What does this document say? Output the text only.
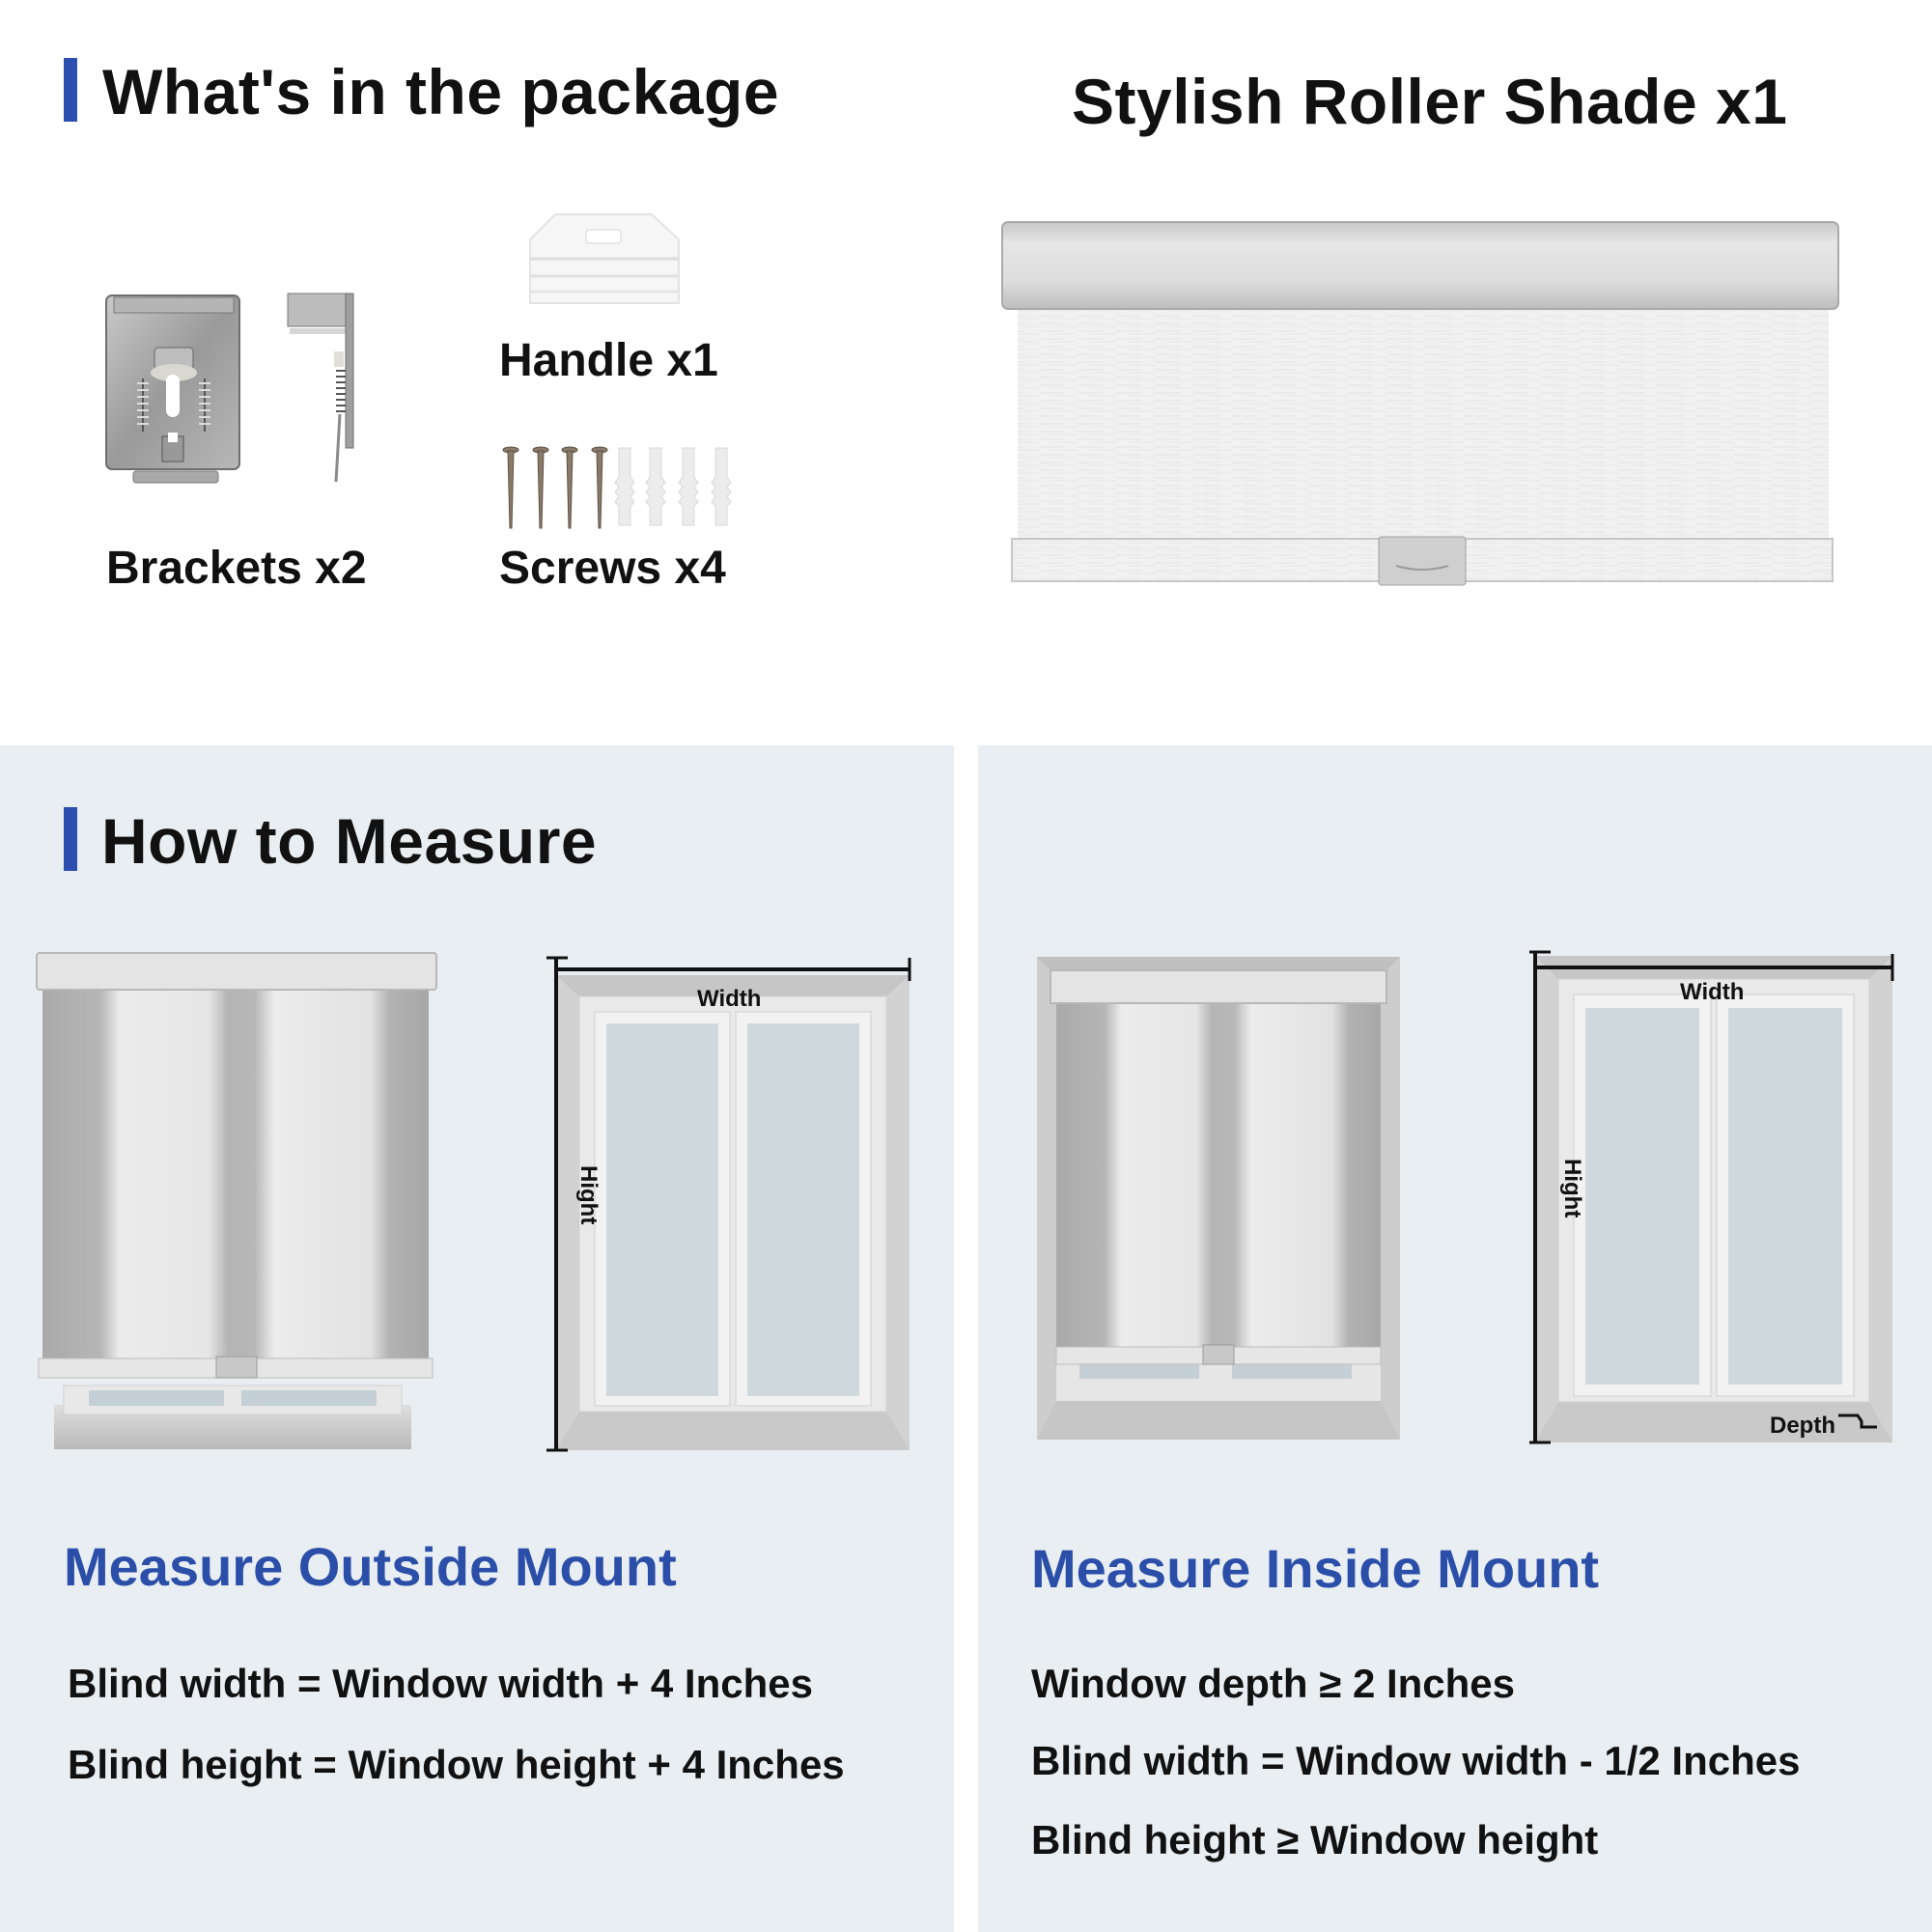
What's in the package
Brackets x2
Handle x1
Screws x4
Stylish Roller Shade x1
How to Measure
Width
Hight
Width
Hight
Depth
Measure Outside Mount
Blind width = Window width + 4 Inches
Blind height = Window height + 4 Inches
Measure Inside Mount
Window depth ≥ 2 Inches
Blind width = Window width - 1/2 Inches
Blind height ≥ Window height
